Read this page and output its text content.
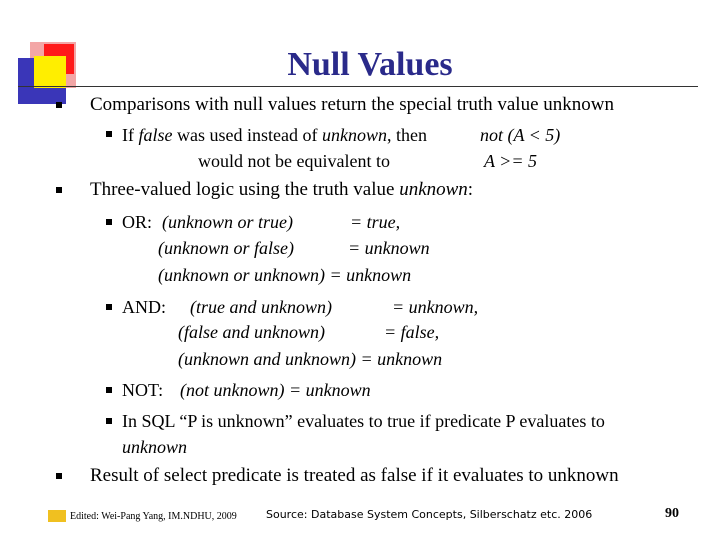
Null Values
Comparisons with null values return the special truth value unknown
If false was used instead of unknown, then	not (A < 5)
would not be equivalent to	A >= 5
Three-valued logic using the truth value unknown:
OR: (unknown or true)	= true,
(unknown or false)	= unknown
(unknown or unknown) = unknown
AND: (true and unknown)	= unknown,
(false and unknown)	= false,
(unknown and unknown) = unknown
NOT: (not unknown) = unknown
In SQL “P is unknown” evaluates to true if predicate P evaluates to
unknown
Result of select predicate is treated as false if it evaluates to unknown
Edited: Wei-Pang Yang, IM.NDHU, 2009	Source: Database System Concepts, Silberschatz etc. 2006	90
